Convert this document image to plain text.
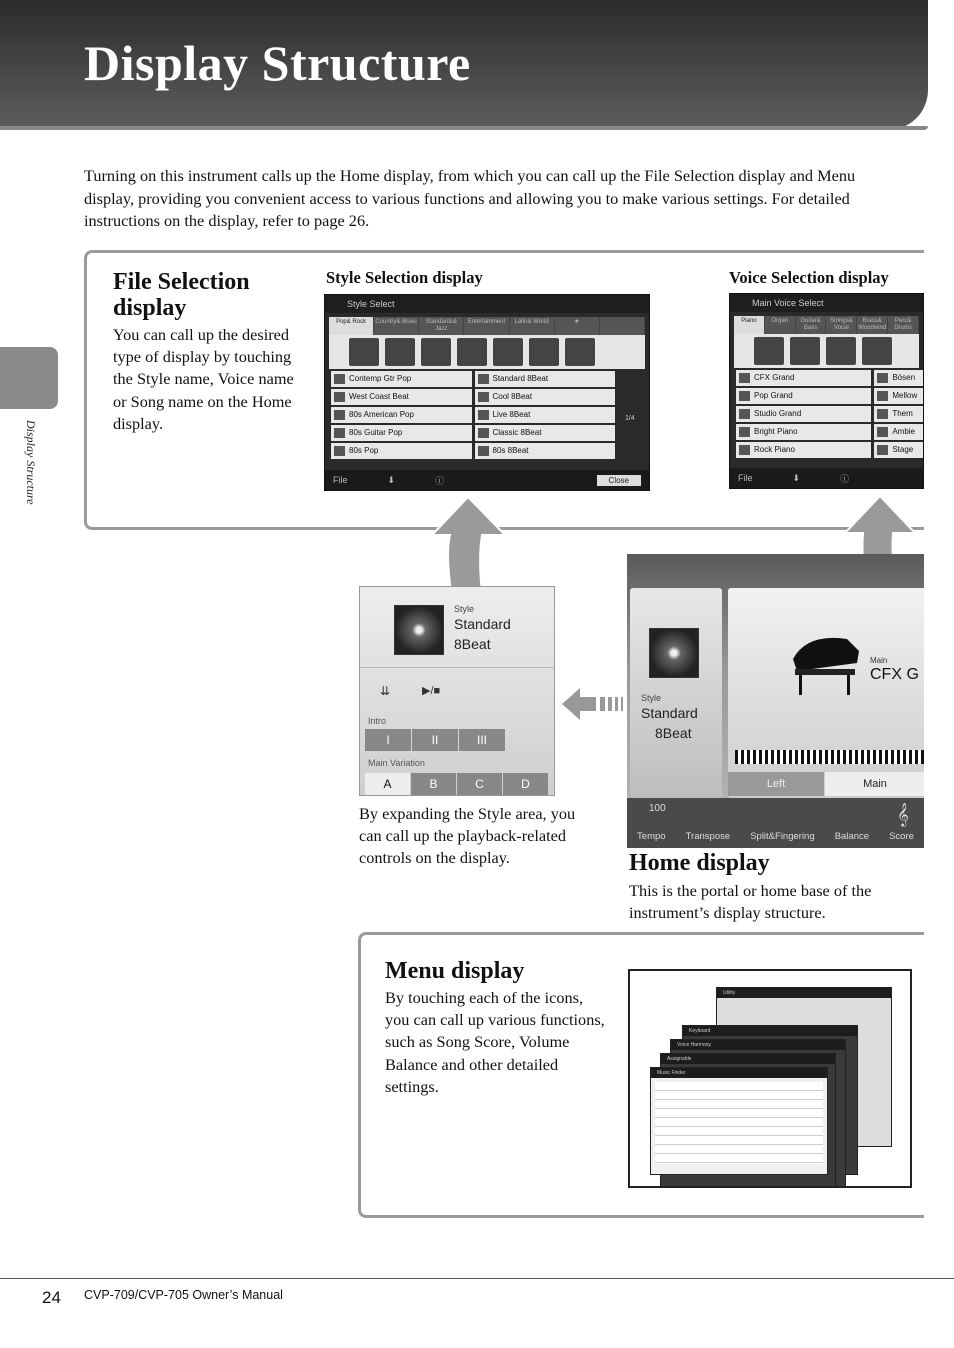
Display Structure

Turning on this instrument calls up the Home display, from which you can call up the File Selection display and Menu display, providing you convenient access to various functions and allowing you to make various settings. For detailed instructions on the display, refer to page 26.

Display Structure
File Selection display
You can call up the desired type of display by touching the Style name, Voice name or Song name on the Home display.
Style Selection display	Voice Selection display
Style Select
Pop& Rock	Country& Blues	Standards& Jazz
Entertainment	Latin& World	★
Contemp Gtr Pop	Standard 8Beat
West Coast Beat	Cool 8Beat
80s American Pop	Live 8Beat
80s Guitar Pop	Classic 8Beat
80s Pop	80s 8Beat
1/4
File	⬇	ⓘ	Close
Main Voice Select
Piano	Organ	Guitar& Bass
Strings& Vocal
Brass& Woodwind
Perc& Drums
CFX Grand	Bösen
Pop Grand	Mellow
Studio Grand	Them
Bright Piano	Ambie
Rock Piano	Stage
File	⬇	ⓘ
Style
Standard
8Beat
⇊	▶/■
Intro
I	II	III
Main Variation
A	B	C	D
By expanding the Style area, you can call up the playback-related controls on the display.
Style
Standard
8Beat
Main
CFX G
Left	Main
Tempo Transpose Split&Fingering Balance Score
100	𝄞
Home display
This is the portal or home base of the instrument’s display structure.
Menu display
By touching each of the icons, you can call up various functions, such as Song Score, Volume Balance and other detailed settings.
Utility
Keyboard
Voice Harmony
Assignable
Music Finder
24 CVP-709/CVP-705 Owner’s Manual
